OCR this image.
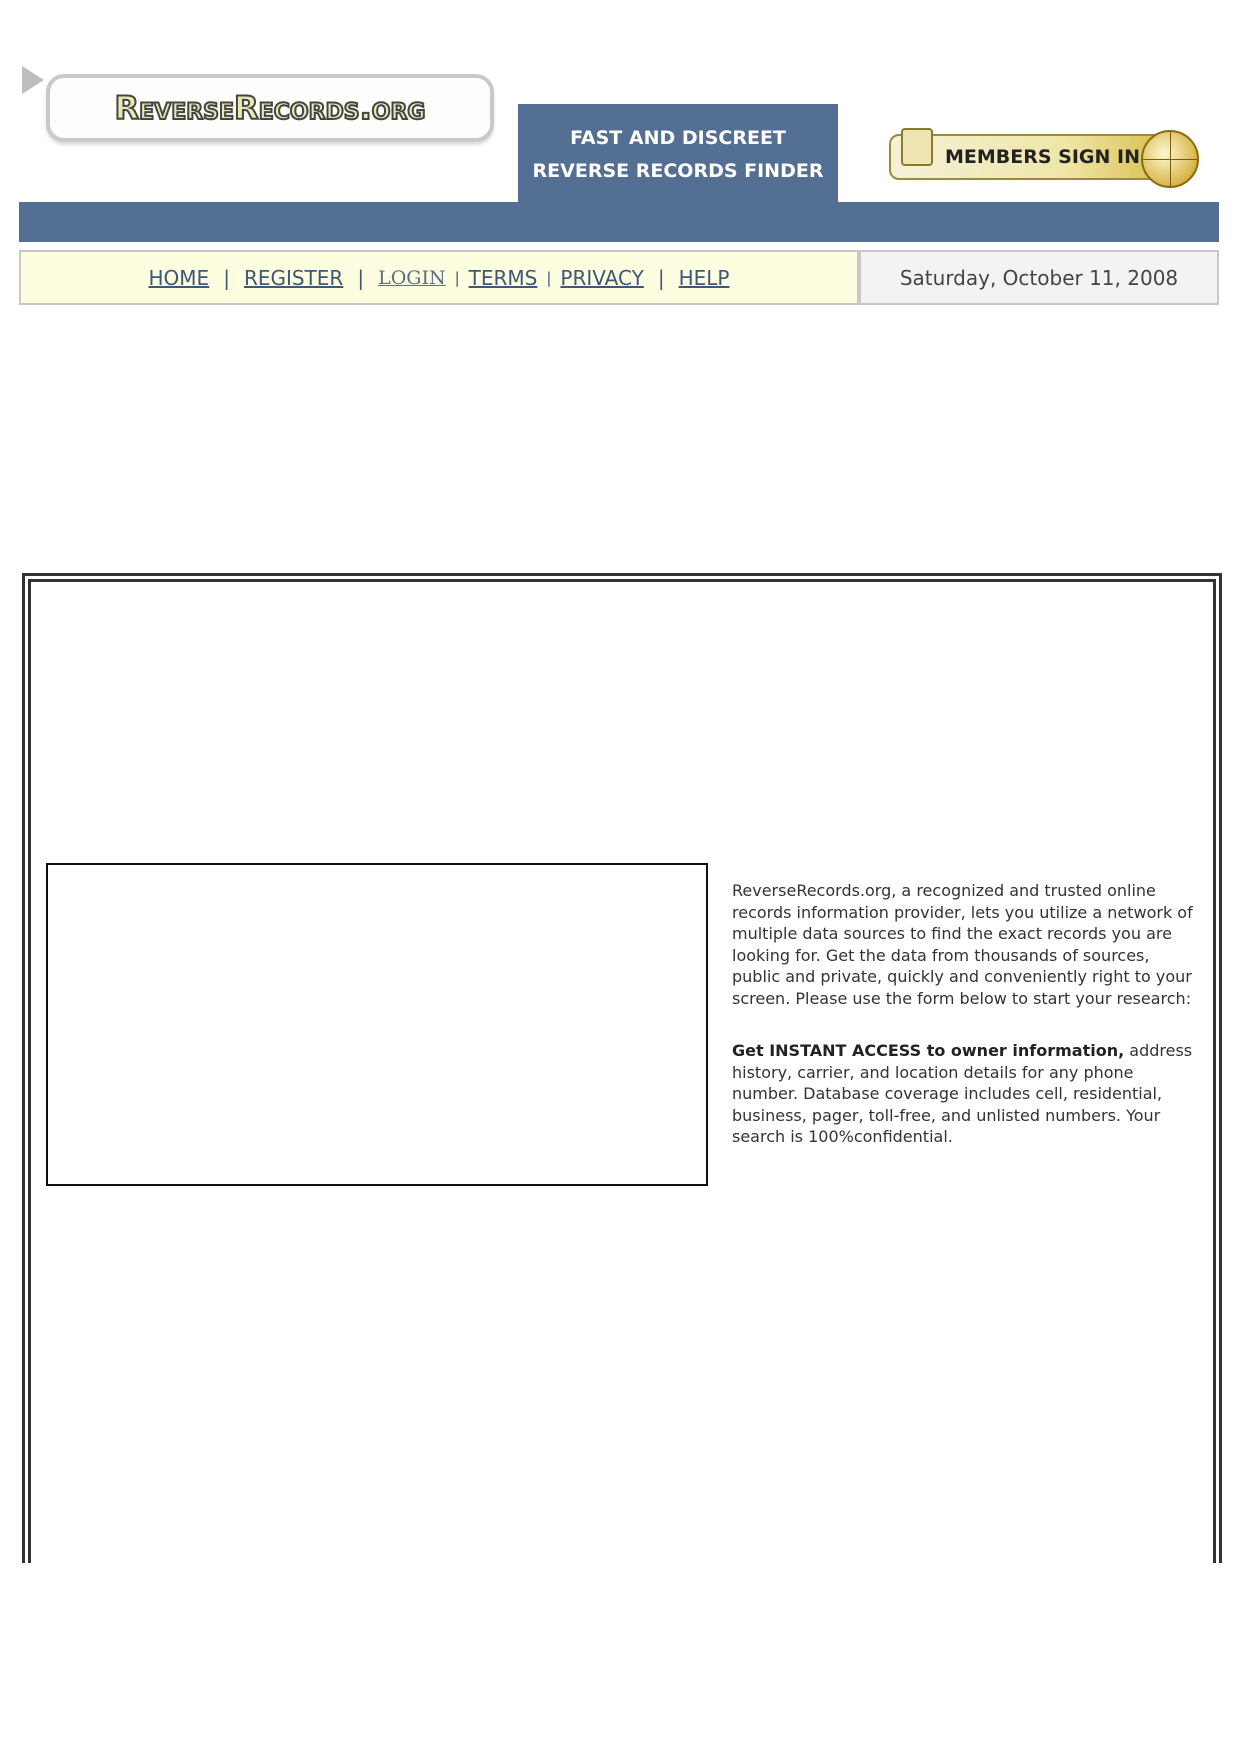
ReverseRecords.org
FAST AND DISCREET
REVERSE RECORDS FINDER
MEMBERS SIGN IN
HOME | REGISTER | LOGIN | TERMS | PRIVACY | HELP	Saturday, October 11, 2008

ReverseRecords.org, a recognized and trusted online records information provider, lets you utilize a network of multiple data sources to find the exact records you are looking for. Get the data from thousands of sources, public and private, quickly and conveniently right to your screen. Please use the form below to start your research:

Get INSTANT ACCESS to owner information, address history, carrier, and location details for any phone number. Database coverage includes cell, residential, business, pager, toll-free, and unlisted numbers. Your search is 100%confidential.
